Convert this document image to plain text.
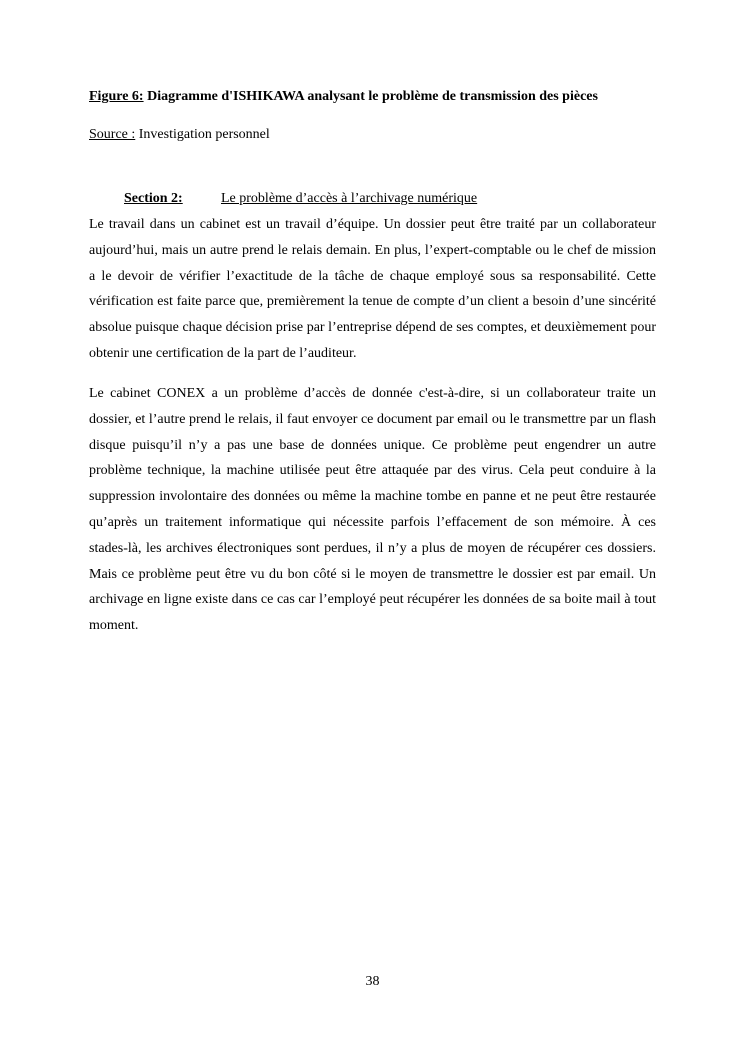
Figure 6: Diagramme d'ISHIKAWA analysant le problème de transmission des pièces
Source : Investigation personnel
Section 2:	Le problème d’accès à l’archivage numérique

Le travail dans un cabinet est un travail d’équipe. Un dossier peut être traité par un collaborateur aujourd’hui, mais un autre prend le relais demain. En plus, l’expert-comptable ou le chef de mission a le devoir de vérifier l’exactitude de la tâche de chaque employé sous sa responsabilité. Cette vérification est faite parce que, premièrement la tenue de compte d’un client a besoin d’une sincérité absolue puisque chaque décision prise par l’entreprise dépend de ses comptes, et deuxièmement pour obtenir une certification de la part de l’auditeur.

Le cabinet CONEX a un problème d’accès de donnée c'est-à-dire, si un collaborateur traite un dossier, et l’autre prend le relais, il faut envoyer ce document par email ou le transmettre par un flash disque puisqu’il n’y a pas une base de données unique. Ce problème peut engendrer un autre problème technique, la machine utilisée peut être attaquée par des virus. Cela peut conduire à la suppression involontaire des données ou même la machine tombe en panne et ne peut être restaurée qu’après un traitement informatique qui nécessite parfois l’effacement de son mémoire. À ces stades-là, les archives électroniques sont perdues, il n’y a plus de moyen de récupérer ces dossiers. Mais ce problème peut être vu du bon côté si le moyen de transmettre le dossier est par email. Un archivage en ligne existe dans ce cas car l’employé peut récupérer les données de sa boite mail à tout moment.

38
